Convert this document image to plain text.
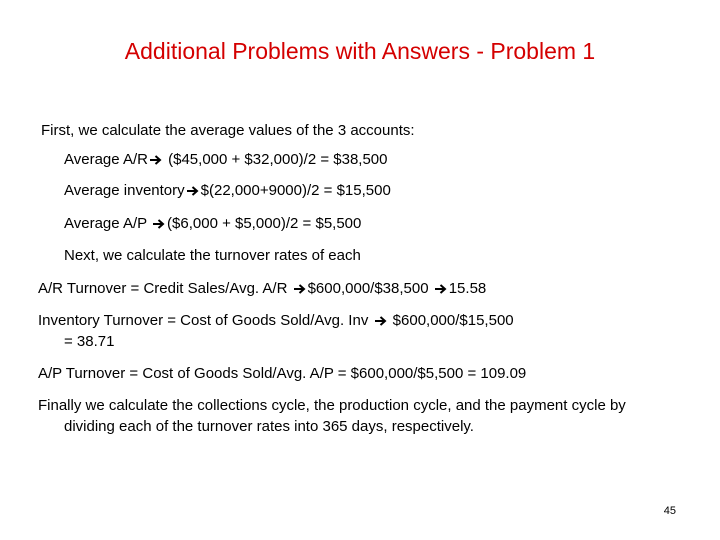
Additional Problems with Answers - Problem 1
First, we calculate the average values of the 3 accounts:
Average A/R ($45,000 + $32,000)/2 = $38,500
Average inventory $(22,000+9000)/2 = $15,500
Average A/P ($6,000 + $5,000)/2 = $5,500
Next, we calculate the turnover rates of each
A/R Turnover = Credit Sales/Avg. A/R $600,000/$38,500 15.58
Inventory Turnover = Cost of Goods Sold/Avg. Inv $600,000/$15,500
= 38.71
A/P Turnover = Cost of Goods Sold/Avg. A/P = $600,000/$5,500 = 109.09
Finally we calculate the collections cycle, the production cycle, and the payment cycle by
dividing each of the turnover rates into 365 days, respectively.
45
